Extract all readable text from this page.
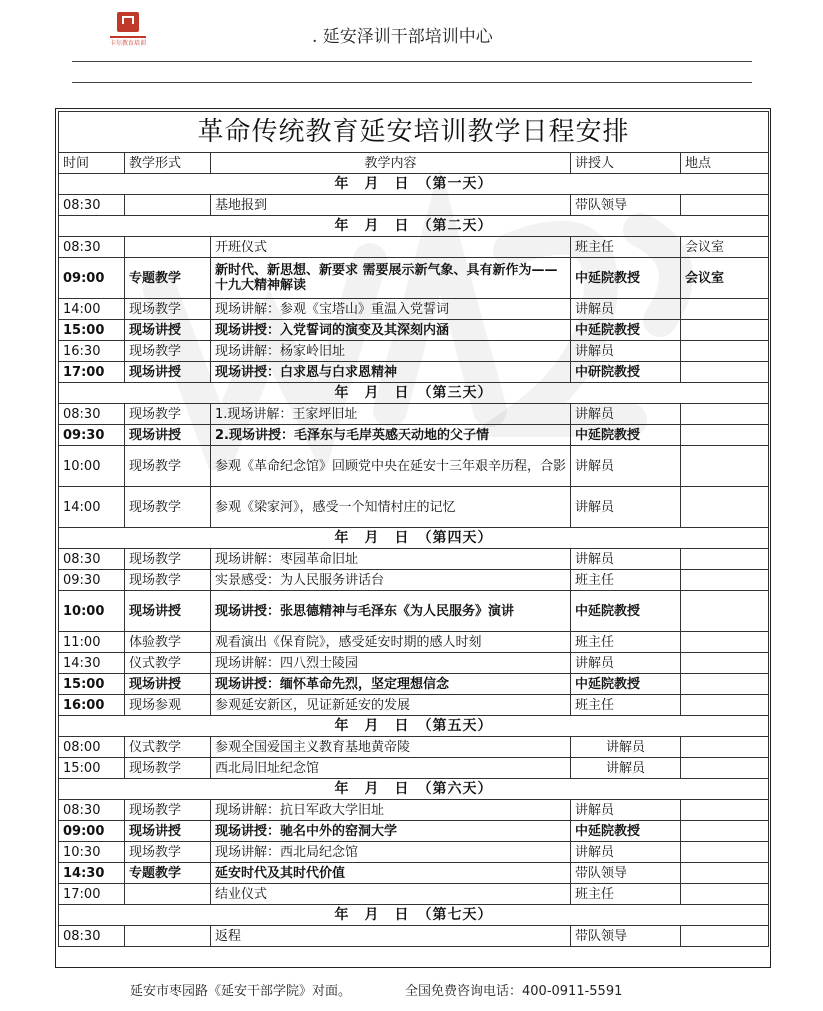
卡尔教育培训	. 延安泽训干部培训中心
革命传统教育延安培训教学日程安排				
时间	教学形式	教学内容	讲授人	地点
年　月　日　（第一天）				
08:30		基地报到	带队领导	
年　月　日　（第二天）				
08:30		开班仪式	班主任	会议室
09:00	专题教学	新时代、新思想、新要求 需要展示新气象、具有新作为——十九大精神解读	中延院教授	会议室
14:00	现场教学	现场讲解：参观《宝塔山》重温入党誓词	讲解员	
15:00	现场讲授	现场讲授：入党誓词的演变及其深刻内涵	中延院教授	
16:30	现场教学	现场讲解：杨家岭旧址	讲解员	
17:00	现场讲授	现场讲授：白求恩与白求恩精神	中研院教授	
年　月　日　（第三天）				
08:30	现场教学	1.现场讲解：王家坪旧址	讲解员	
09:30	现场讲授	2.现场讲授：毛泽东与毛岸英感天动地的父子情	中延院教授	
10:00	现场教学	参观《革命纪念馆》回顾党中央在延安十三年艰辛历程，合影	讲解员	
14:00	现场教学	参观《梁家河》，感受一个知情村庄的记忆	讲解员	
年　月　日　（第四天）				
08:30	现场教学	现场讲解：枣园革命旧址	讲解员	
09:30	现场教学	实景感受：为人民服务讲话台	班主任	
10:00	现场讲授	现场讲授：张思德精神与毛泽东《为人民服务》演讲	中延院教授	
11:00	体验教学	观看演出《保育院》，感受延安时期的感人时刻	班主任	
14:30	仪式教学	现场讲解：四八烈士陵园	讲解员	
15:00	现场讲授	现场讲授：缅怀革命先烈，坚定理想信念	中延院教授	
16:00	现场参观	参观延安新区，见证新延安的发展	班主任	
年　月　日　（第五天）				
08:00	仪式教学	参观全国爱国主义教育基地黄帝陵	讲解员	
15:00	现场教学	西北局旧址纪念馆	讲解员	
年　月　日　（第六天）				
08:30	现场教学	现场讲解：抗日军政大学旧址	讲解员	
09:00	现场讲授	现场讲授：驰名中外的窑洞大学	中延院教授	
10:30	现场教学	现场讲解：西北局纪念馆	讲解员	
14:30	专题教学	延安时代及其时代价值	带队领导	
17:00		结业仪式	班主任	
年　月　日　（第七天）				
08:30		返程	带队领导	
延安市枣园路《延安干部学院》对面。	全国免费咨询电话：400-0911-5591
